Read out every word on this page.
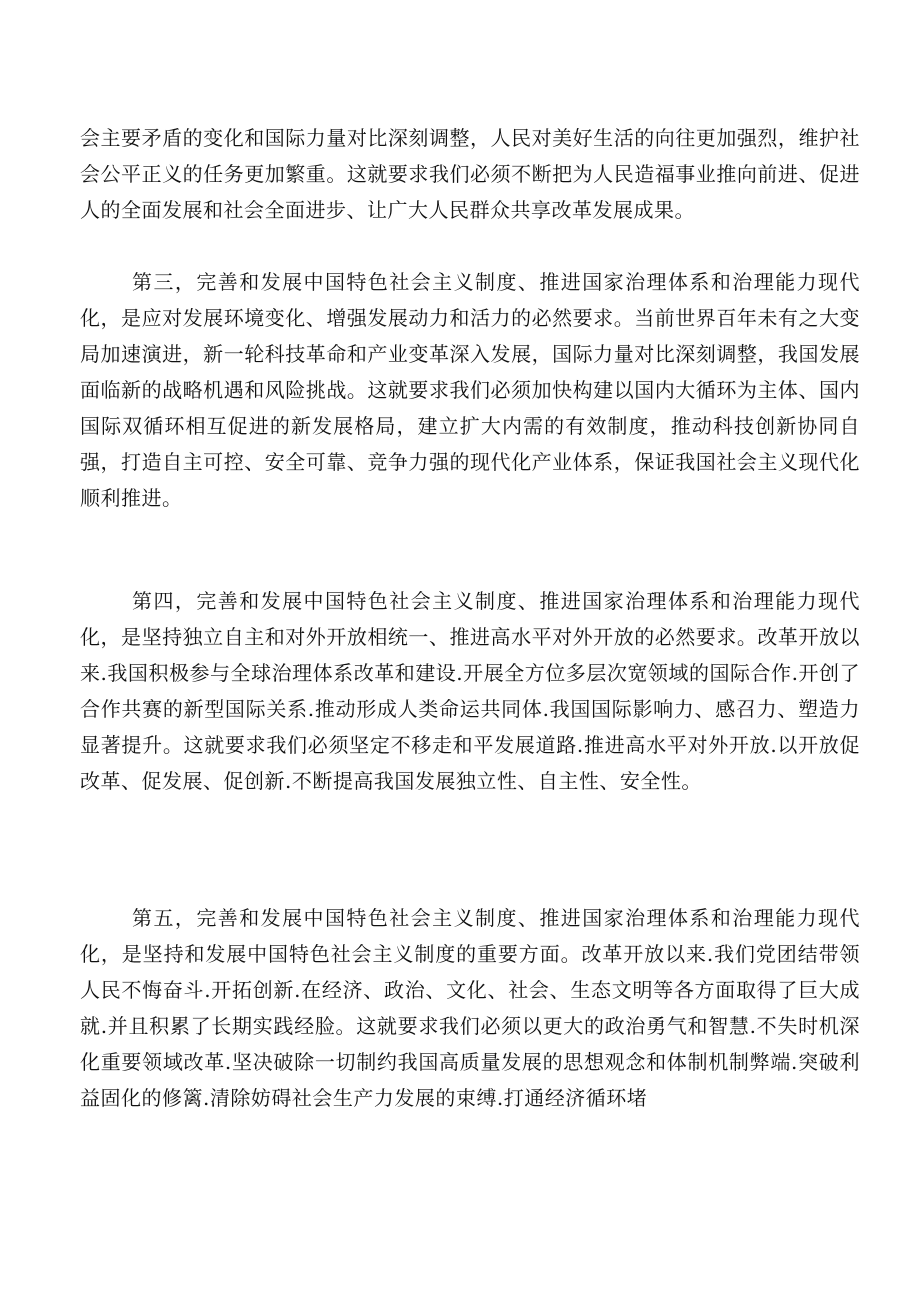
会主要矛盾的变化和国际力量对比深刻调整，人民对美好生活的向往更加强烈，维护社会公平正义的任务更加繁重。这就要求我们必须不断把为人民造福事业推向前进、促进人的全面发展和社会全面进步、让广大人民群众共享改革发展成果。

第三，完善和发展中国特色社会主义制度、推进国家治理体系和治理能力现代化，是应对发展环境变化、增强发展动力和活力的必然要求。当前世界百年未有之大变局加速演进，新一轮科技革命和产业变革深入发展，国际力量对比深刻调整，我国发展面临新的战略机遇和风险挑战。这就要求我们必须加快构建以国内大循环为主体、国内国际双循环相互促进的新发展格局，建立扩大内需的有效制度，推动科技创新协同自强，打造自主可控、安全可靠、竞争力强的现代化产业体系，保证我国社会主义现代化顺利推进。

第四，完善和发展中国特色社会主义制度、推进国家治理体系和治理能力现代化，是坚持独立自主和对外开放相统一、推进高水平对外开放的必然要求。改革开放以来.我国积极参与全球治理体系改革和建设.开展全方位多层次宽领域的国际合作.开创了合作共赛的新型国际关系.推动形成人类命运共同体.我国国际影响力、感召力、塑造力显著提升。这就要求我们必须坚定不移走和平发展道路.推进高水平对外开放.以开放促改革、促发展、促创新.不断提高我国发展独立性、自主性、安全性。

第五，完善和发展中国特色社会主义制度、推进国家治理体系和治理能力现代化，是坚持和发展中国特色社会主义制度的重要方面。改革开放以来.我们党团结带领人民不悔奋斗.开拓创新.在经济、政治、文化、社会、生态文明等各方面取得了巨大成就.并且积累了长期实践经脸。这就要求我们必须以更大的政治勇气和智慧.不失时机深化重要领域改革.坚决破除一切制约我国高质量发展的思想观念和体制机制弊端.突破利益固化的修篱.清除妨碍社会生产力发展的束缚.打通经济循环堵
